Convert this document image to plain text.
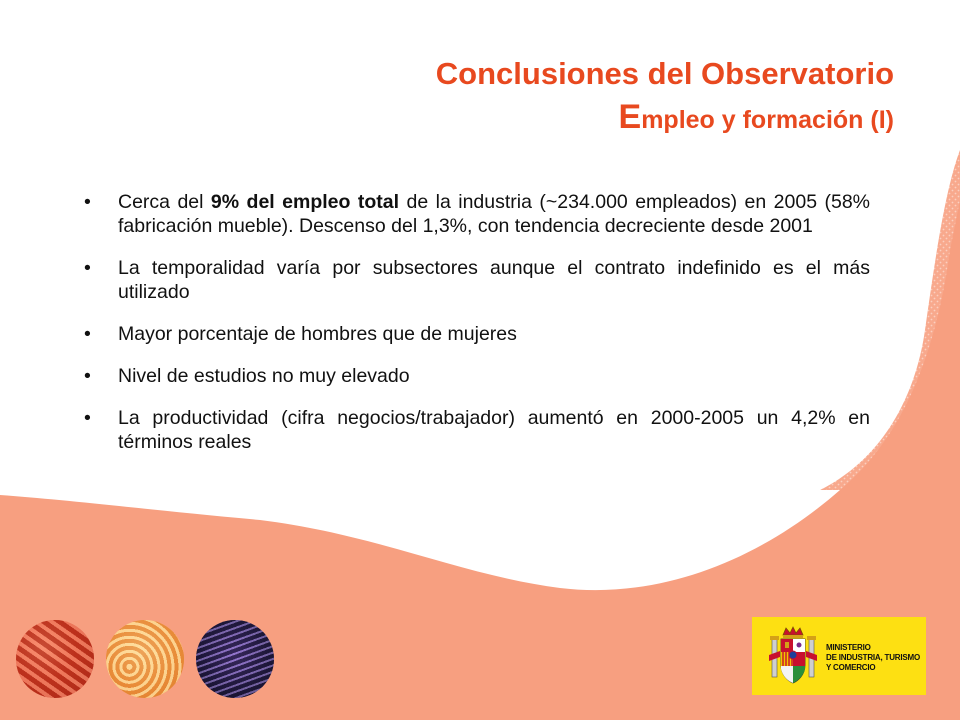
Conclusiones del Observatorio
Empleo y formación (I)
• Cerca del 9% del empleo total de la industria (~234.000 empleados) en 2005 (58% fabricación mueble). Descenso del 1,3%, con tendencia decreciente desde 2001
• La temporalidad varía por subsectores aunque el contrato indefinido es el más utilizado
• Mayor porcentaje de hombres que de mujeres
• Nivel de estudios no muy elevado
• La productividad (cifra negocios/trabajador) aumentó en 2000-2005 un 4,2% en términos reales
MINISTERIO
DE INDUSTRIA, TURISMO
Y COMERCIO
